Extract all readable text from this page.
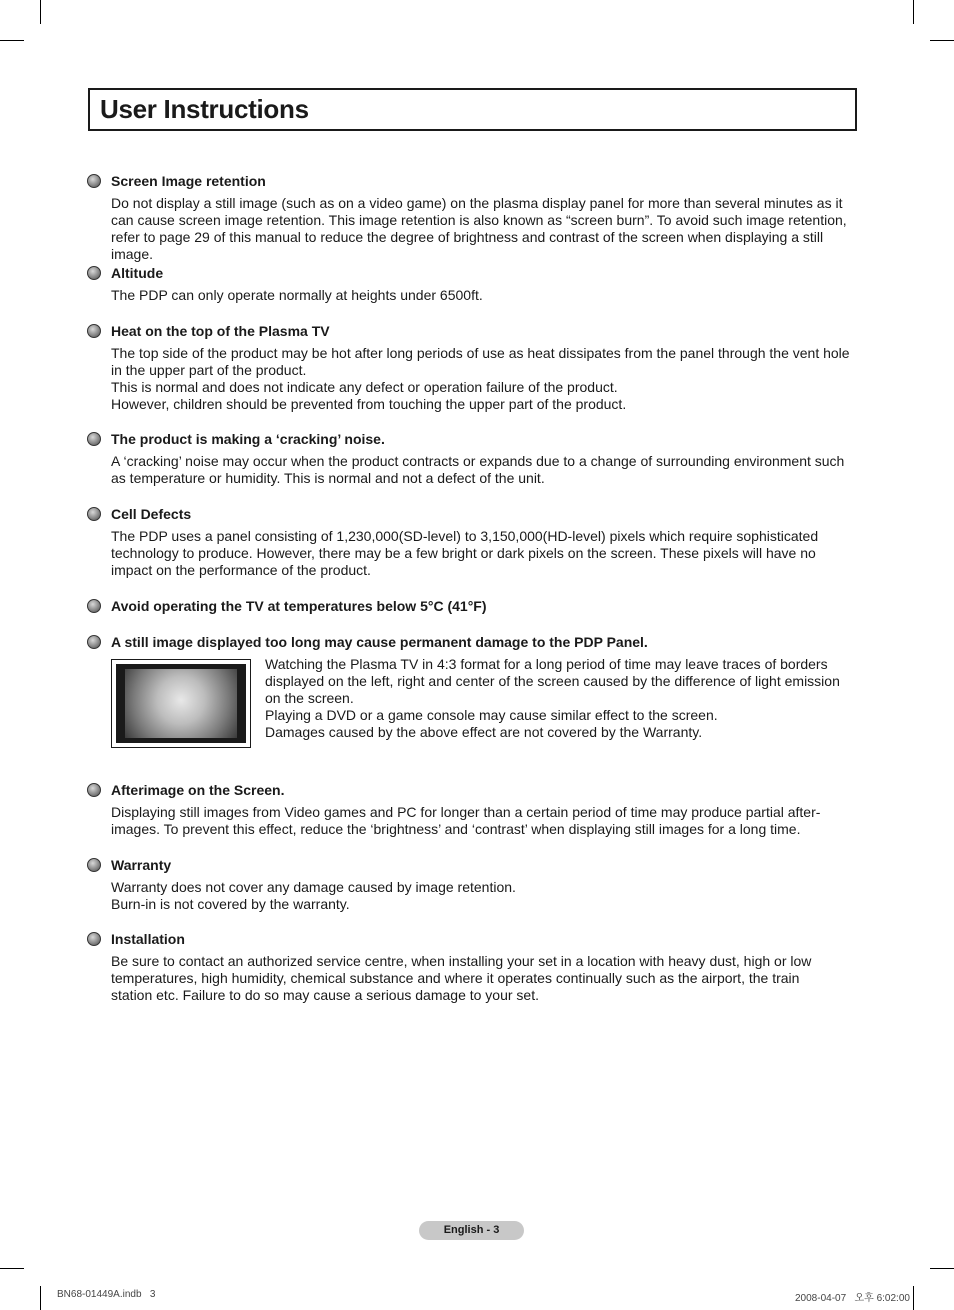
User Instructions
Screen Image retention

Do not display a still image (such as on a video game) on the plasma display panel for more than several minutes as it can cause screen image retention. This image retention is also known as “screen burn”. To avoid such image retention, refer to page 29 of this manual to reduce the degree of brightness and contrast of the screen when displaying a still image.

Altitude

The PDP can only operate normally at heights under 6500ft.

Heat on the top of the Plasma TV

The top side of the product may be hot after long periods of use as heat dissipates from the panel through the vent hole in the upper part of the product.

This is normal and does not indicate any defect or operation failure of the product.

However, children should be prevented from touching the upper part of the product.

The product is making a ‘cracking’ noise.

A ‘cracking’ noise may occur when the product contracts or expands due to a change of surrounding environment such as temperature or humidity. This is normal and not a defect of the unit.

Cell Defects

The PDP uses a panel consisting of 1,230,000(SD-level) to 3,150,000(HD-level) pixels which require sophisticated technology to produce. However, there may be a few bright or dark pixels on the screen. These pixels will have no impact on the performance of the product.

Avoid operating the TV at temperatures below 5°C (41°F)
A still image displayed too long may cause permanent damage to the PDP Panel.

Watching the Plasma TV in 4:3 format for a long period of time may leave traces of borders displayed on the left, right and center of the screen caused by the difference of light emission on the screen.

Playing a DVD or a game console may cause similar effect to the screen.

Damages caused by the above effect are not covered by the Warranty.

Afterimage on the Screen.

Displaying still images from Video games and PC for longer than a certain period of time may produce partial after-images. To prevent this effect, reduce the ‘brightness’ and ‘contrast’ when displaying still images for a long time.

Warranty

Warranty does not cover any damage caused by image retention.

Burn-in is not covered by the warranty.

Installation

Be sure to contact an authorized service centre, when installing your set in a location with heavy dust, high or low temperatures, high humidity, chemical substance and where it operates continually such as the airport, the train station etc. Failure to do so may cause a serious damage to your set.

English - 3
BN68-01449A.indb   3	2008-04-07   오후 6:02:00
